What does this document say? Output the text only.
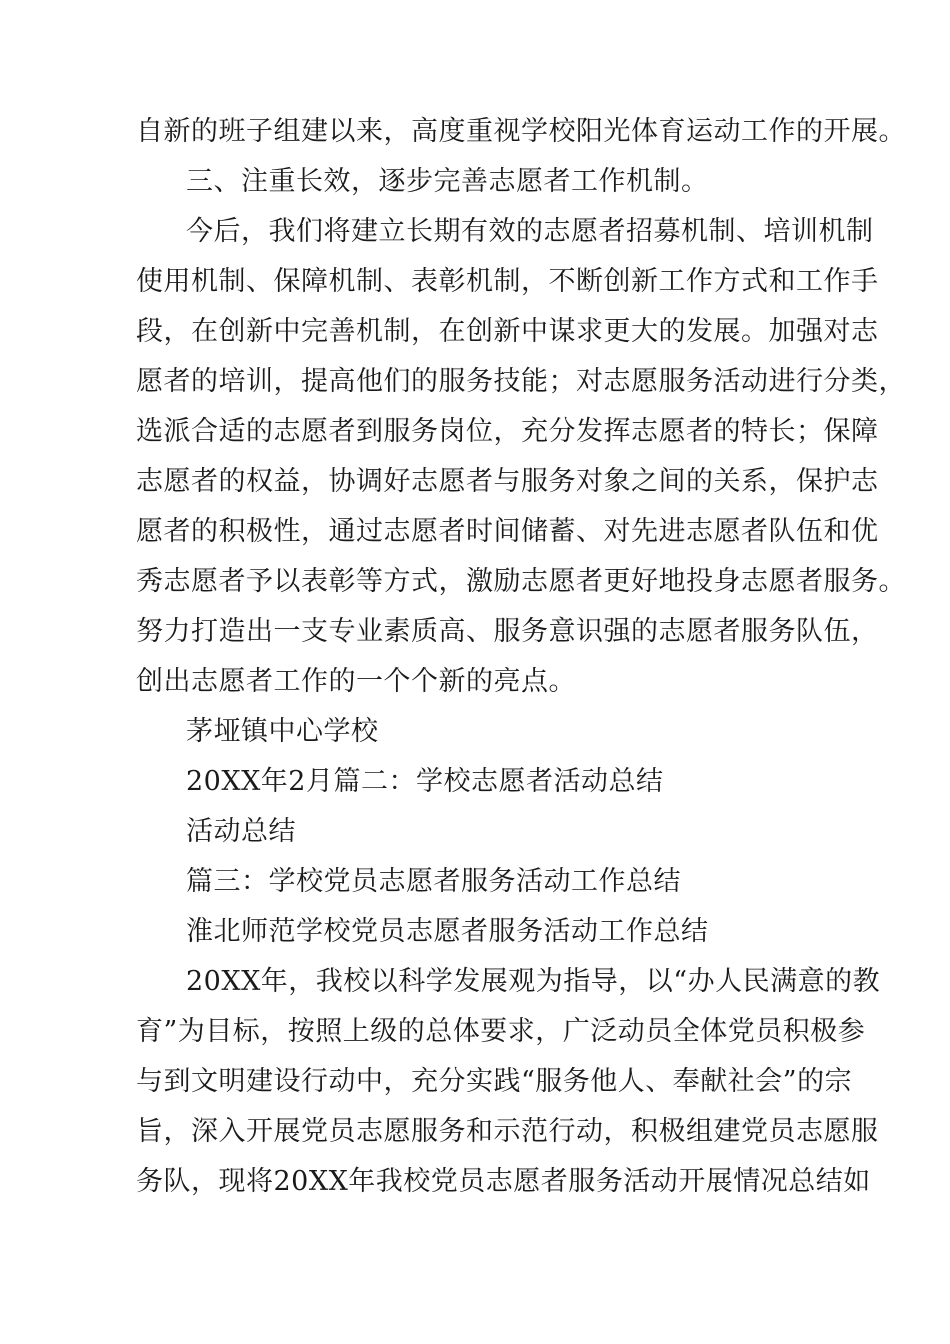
自新的班子组建以来，高度重视学校阳光体育运动工作的开展。

三、注重长效，逐步完善志愿者工作机制。

今后，我们将建立长期有效的志愿者招募机制、培训机制

使用机制、保障机制、表彰机制，不断创新工作方式和工作手

段，在创新中完善机制，在创新中谋求更大的发展。加强对志

愿者的培训，提高他们的服务技能；对志愿服务活动进行分类，

选派合适的志愿者到服务岗位，充分发挥志愿者的特长；保障

志愿者的权益，协调好志愿者与服务对象之间的关系，保护志

愿者的积极性，通过志愿者时间储蓄、对先进志愿者队伍和优

秀志愿者予以表彰等方式，激励志愿者更好地投身志愿者服务。

努力打造出一支专业素质高、服务意识强的志愿者服务队伍，

创出志愿者工作的一个个新的亮点。

茅垭镇中心学校

20XX年2月篇二：学校志愿者活动总结

活动总结

篇三：学校党员志愿者服务活动工作总结

淮北师范学校党员志愿者服务活动工作总结

20XX年，我校以科学发展观为指导，以“办人民满意的教

育”为目标，按照上级的总体要求，广泛动员全体党员积极参

与到文明建设行动中，充分实践“服务他人、奉献社会”的宗

旨，深入开展党员志愿服务和示范行动，积极组建党员志愿服

务队，现将20XX年我校党员志愿者服务活动开展情况总结如
